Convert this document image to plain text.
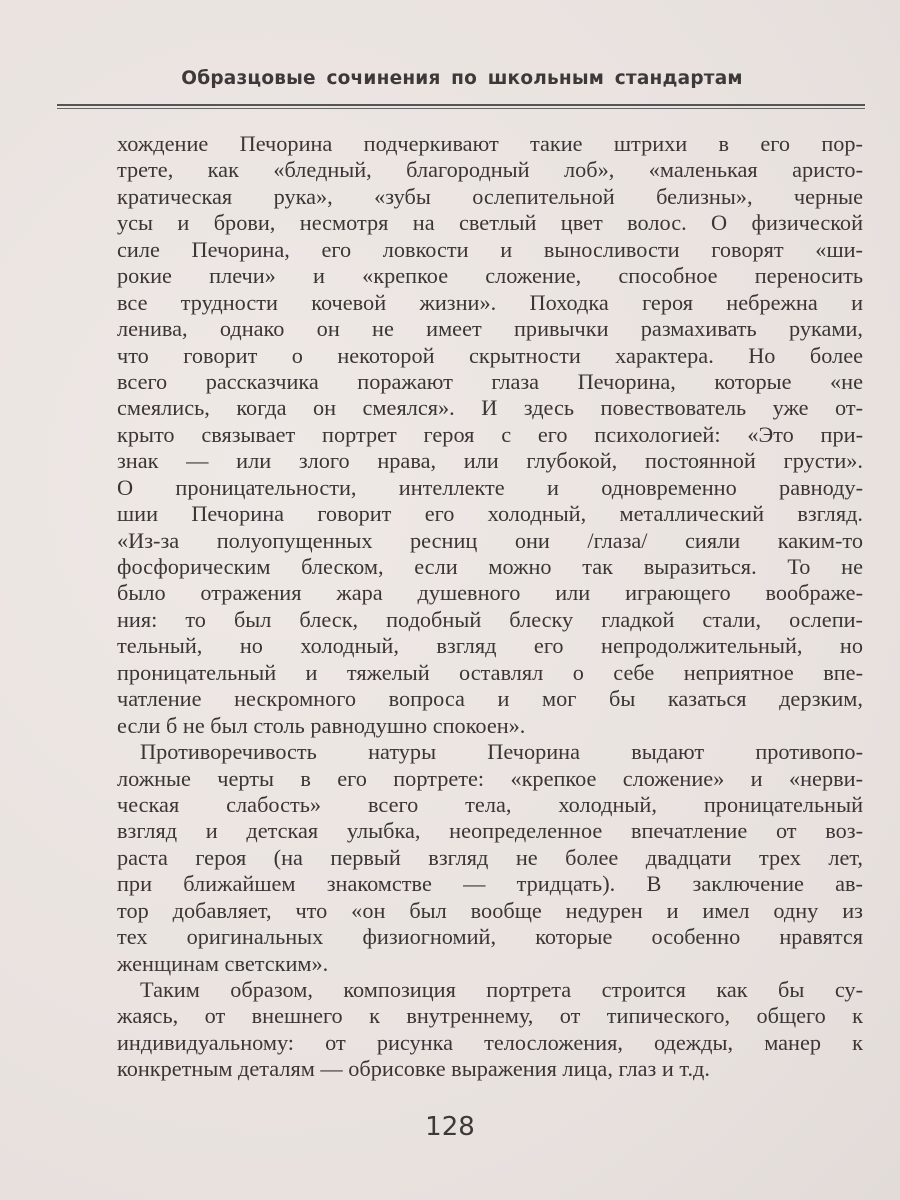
Образцовые сочинения по школьным стандартам
хождение Печорина подчеркивают такие штрихи в его пор-
трете, как «бледный, благородный лоб», «маленькая аристо-
кратическая рука», «зубы ослепительной белизны», черные
усы и брови, несмотря на светлый цвет волос. О физической
силе Печорина, его ловкости и выносливости говорят «ши-
рокие плечи» и «крепкое сложение, способное переносить
все трудности кочевой жизни». Походка героя небрежна и
ленива, однако он не имеет привычки размахивать руками,
что говорит о некоторой скрытности характера. Но более
всего рассказчика поражают глаза Печорина, которые «не
смеялись, когда он смеялся». И здесь повествователь уже от-
крыто связывает портрет героя с его психологией: «Это при-
знак — или злого нрава, или глубокой, постоянной грусти».
О проницательности, интеллекте и одновременно равноду-
шии Печорина говорит его холодный, металлический взгляд.
«Из-за полуопущенных ресниц они /глаза/ сияли каким-то
фосфорическим блеском, если можно так выразиться. То не
было отражения жара душевного или играющего воображе-
ния: то был блеск, подобный блеску гладкой стали, ослепи-
тельный, но холодный, взгляд его непродолжительный, но
проницательный и тяжелый оставлял о себе неприятное впе-
чатление нескромного вопроса и мог бы казаться дерзким,
если б не был столь равнодушно спокоен».
Противоречивость натуры Печорина выдают противопо-
ложные черты в его портрете: «крепкое сложение» и «нерви-
ческая слабость» всего тела, холодный, проницательный
взгляд и детская улыбка, неопределенное впечатление от воз-
раста героя (на первый взгляд не более двадцати трех лет,
при ближайшем знакомстве — тридцать). В заключение ав-
тор добавляет, что «он был вообще недурен и имел одну из
тех оригинальных физиогномий, которые особенно нравятся
женщинам светским».
Таким образом, композиция портрета строится как бы су-
жаясь, от внешнего к внутреннему, от типического, общего к
индивидуальному: от рисунка телосложения, одежды, манер к
конкретным деталям — обрисовке выражения лица, глаз и т.д.
128
